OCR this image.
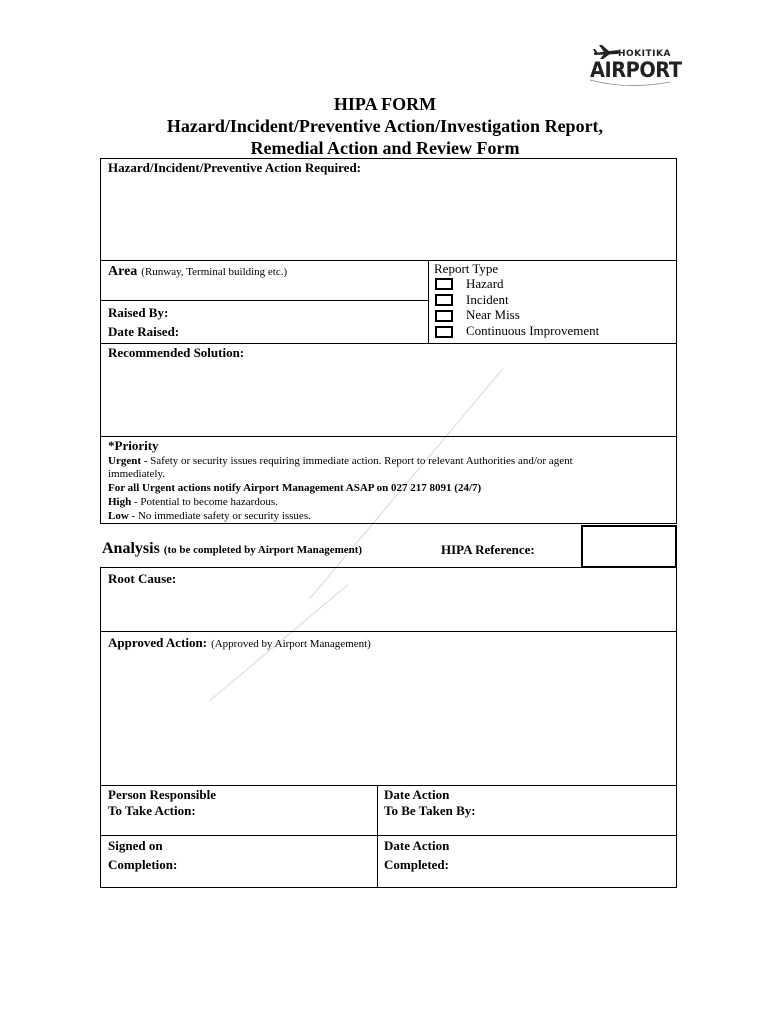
HOKITIKA
AIRPORT
HIPA FORM
Hazard/Incident/Preventive Action/Investigation Report,
Remedial Action and Review Form
Hazard/Incident/Preventive Action Required:
Area (Runway, Terminal building etc.)
Raised By:
Date Raised:
Report Type
Hazard
Incident
Near Miss
Continuous Improvement
Recommended Solution:
*Priority
Urgent - Safety or security issues requiring immediate action. Report to relevant Authorities and/or agent
immediately.
For all Urgent actions notify Airport Management ASAP on 027 217 8091 (24/7)
High - Potential to become hazardous.
Low - No immediate safety or security issues.
Analysis (to be completed by Airport Management)	HIPA Reference:
Root Cause:
Approved Action: (Approved by Airport Management)
Person Responsible
To Take Action:
Date Action
To Be Taken By:
Signed on
Completion:
Date Action
Completed:
